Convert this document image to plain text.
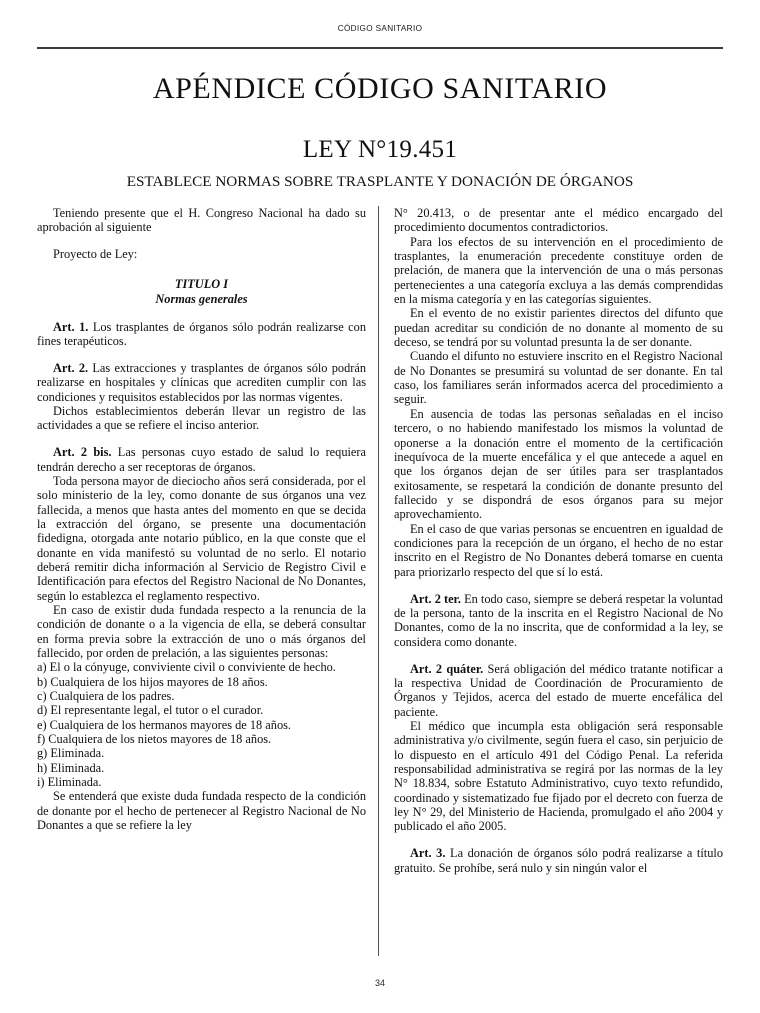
CÓDIGO SANITARIO
APÉNDICE CÓDIGO SANITARIO
LEY N°19.451
ESTABLECE NORMAS SOBRE TRASPLANTE Y DONACIÓN DE ÓRGANOS

Teniendo presente que el H. Congreso Nacional ha dado su aprobación al siguiente

Proyecto de Ley:

TITULO I
Normas generales

Art. 1. Los trasplantes de órganos sólo podrán realizarse con fines terapéuticos.

Art. 2. Las extracciones y trasplantes de órganos sólo podrán realizarse en hospitales y clínicas que acrediten cumplir con las condiciones y requisitos establecidos por las normas vigentes.

Dichos establecimientos deberán llevar un registro de las actividades a que se refiere el inciso anterior.

Art. 2 bis. Las personas cuyo estado de salud lo requiera tendrán derecho a ser receptoras de órganos.

Toda persona mayor de dieciocho años será considerada, por el solo ministerio de la ley, como donante de sus órganos una vez fallecida, a menos que hasta antes del momento en que se decida la extracción del órgano, se presente una documentación fidedigna, otorgada ante notario público, en la que conste que el donante en vida manifestó su voluntad de no serlo. El notario deberá remitir dicha información al Servicio de Registro Civil e Identificación para efectos del Registro Nacional de No Donantes, según lo establezca el reglamento respectivo.

En caso de existir duda fundada respecto a la renuncia de la condición de donante o a la vigencia de ella, se deberá consultar en forma previa sobre la extracción de uno o más órganos del fallecido, por orden de prelación, a las siguientes personas:

a) El o la cónyuge, conviviente civil o conviviente de hecho.

b) Cualquiera de los hijos mayores de 18 años.

c) Cualquiera de los padres.

d) El representante legal, el tutor o el curador.

e) Cualquiera de los hermanos mayores de 18 años.

f) Cualquiera de los nietos mayores de 18 años.

g) Eliminada.

h) Eliminada.

i) Eliminada.

Se entenderá que existe duda fundada respecto de la condición de donante por el hecho de pertenecer al Registro Nacional de No Donantes a que se refiere la ley

N° 20.413, o de presentar ante el médico encargado del procedimiento documentos contradictorios.

Para los efectos de su intervención en el procedimiento de trasplantes, la enumeración precedente constituye orden de prelación, de manera que la intervención de una o más personas pertenecientes a una categoría excluya a las demás comprendidas en la misma categoría y en las categorías siguientes.

En el evento de no existir parientes directos del difunto que puedan acreditar su condición de no donante al momento de su deceso, se tendrá por su voluntad presunta la de ser donante.

Cuando el difunto no estuviere inscrito en el Registro Nacional de No Donantes se presumirá su voluntad de ser donante. En tal caso, los familiares serán informados acerca del procedimiento a seguir.

En ausencia de todas las personas señaladas en el inciso tercero, o no habiendo manifestado los mismos la voluntad de oponerse a la donación entre el momento de la certificación inequívoca de la muerte encefálica y el que antecede a aquel en que los órganos dejan de ser útiles para ser trasplantados exitosamente, se respetará la condición de donante presunto del fallecido y se dispondrá de esos órganos para su mejor aprovechamiento.

En el caso de que varias personas se encuentren en igualdad de condiciones para la recepción de un órgano, el hecho de no estar inscrito en el Registro de No Donantes deberá tomarse en cuenta para priorizarlo respecto del que sí lo está.

Art. 2 ter. En todo caso, siempre se deberá respetar la voluntad de la persona, tanto de la inscrita en el Registro Nacional de No Donantes, como de la no inscrita, que de conformidad a la ley, se considera como donante.

Art. 2 quáter. Será obligación del médico tratante notificar a la respectiva Unidad de Coordinación de Procuramiento de Órganos y Tejidos, acerca del estado de muerte encefálica del paciente.

El médico que incumpla esta obligación será responsable administrativa y/o civilmente, según fuera el caso, sin perjuicio de lo dispuesto en el artículo 491 del Código Penal. La referida responsabilidad administrativa se regirá por las normas de la ley N° 18.834, sobre Estatuto Administrativo, cuyo texto refundido, coordinado y sistematizado fue fijado por el decreto con fuerza de ley N° 29, del Ministerio de Hacienda, promulgado el año 2004 y publicado el año 2005.

Art. 3. La donación de órganos sólo podrá realizarse a título gratuito. Se prohíbe, será nulo y sin ningún valor el

34
